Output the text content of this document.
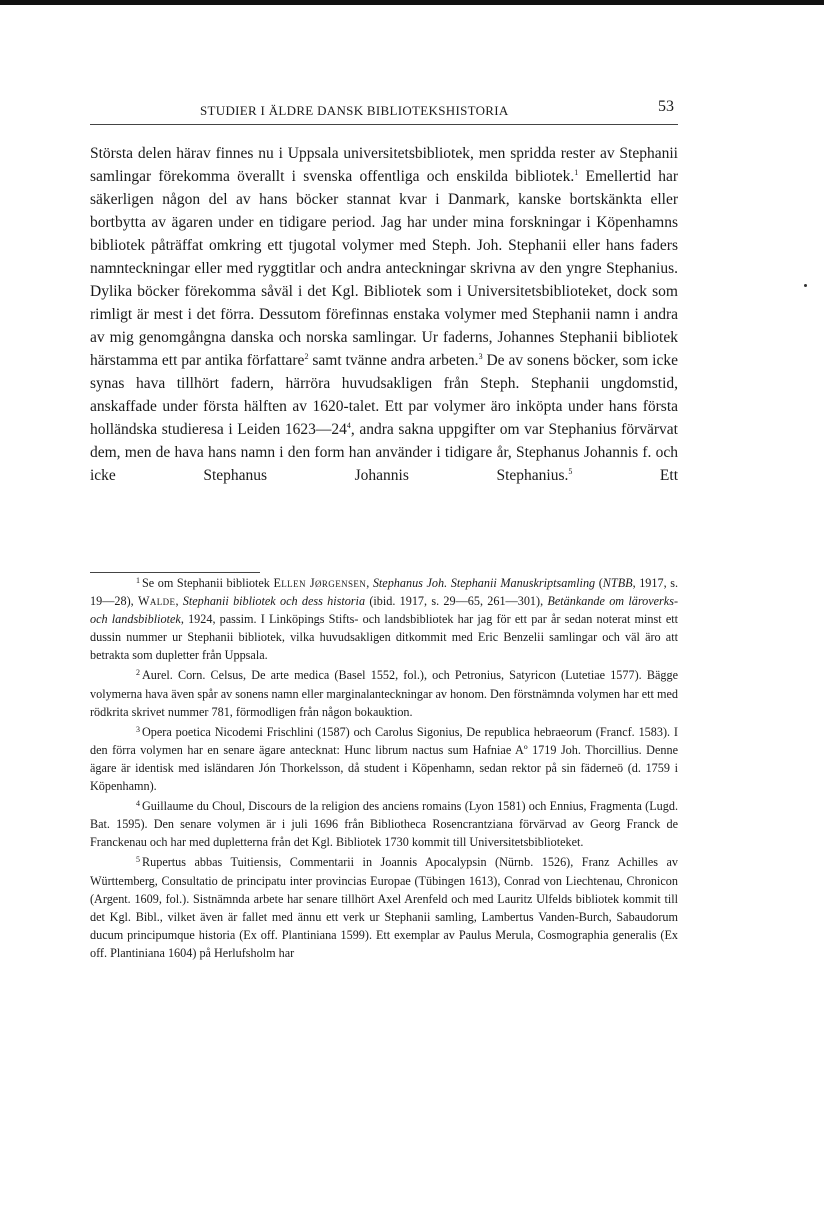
STUDIER I ÄLDRE DANSK BIBLIOTEKSHISTORIA	53

Största delen härav finnes nu i Uppsala universitetsbibliotek, men spridda rester av Stephanii samlingar förekomma överallt i svenska offentliga och enskilda bibliotek.$^1$ Emellertid har säkerligen någon del av hans böcker stannat kvar i Danmark, kanske bortskänkta eller bortbytta av ägaren under en tidigare period. Jag har under mina forskningar i Köpenhamns bibliotek påträffat omkring ett tjugotal volymer med Steph. Joh. Stephanii eller hans faders namnteckningar eller med ryggtitlar och andra anteckningar skrivna av den yngre Stephanius. Dylika böcker förekomma såväl i det Kgl. Bibliotek som i Universitetsbiblioteket, dock som rimligt är mest i det förra. Dessutom förefinnas enstaka volymer med Stephanii namn i andra av mig genomgångna danska och norska samlingar. Ur faderns, Johannes Stephanii bibliotek härstamma ett par antika författare$^2$ samt tvänne andra arbeten.$^3$ De av sonens böcker, som icke synas hava tillhört fadern, härröra huvudsakligen från Steph. Stephanii ungdomstid, anskaffade under första hälften av 1620-talet. Ett par volymer äro inköpta under hans första holländska studieresa i Leiden $1623—24^4$, andra sakna uppgifter om var Stephanius förvärvat dem, men de hava hans namn i den form han använder i tidigare år, Stephanus Johannis f. och icke Stephanus Johannis Stephanius.$^5$ Ett

$^1$ Se om Stephanii bibliotek Ellen Jørgensen, Stephanus Joh. Stephanii Manuskriptsamling (NTBB, 1917, s. 19—28), Walde, Stephanii bibliotek och dess historia (ibid. 1917, s. 29—65, 261—301), Betänkande om läroverks- och landsbibliotek, 1924, passim. I Linköpings Stifts- och landsbibliotek har jag för ett par år sedan noterat minst ett dussin nummer ur Stephanii bibliotek, vilka huvudsakligen ditkommit med Eric Benzelii samlingar och väl äro att betrakta som dupletter från Uppsala.

$^2$ Aurel. Corn. Celsus, De arte medica (Basel 1552, fol.), och Petronius, Satyricon (Lutetiae 1577). Bägge volymerna hava även spår av sonens namn eller marginalanteckningar av honom. Den förstnämnda volymen har ett med rödkrita skrivet nummer 781, förmodligen från någon bokauktion.

$^3$ Opera poetica Nicodemi Frischlini (1587) och Carolus Sigonius, De republica hebraeorum (Francf. 1583). I den förra volymen har en senare ägare antecknat: Hunc librum nactus sum Hafniae Aº 1719 Joh. Thorcillius. Denne ägare är identisk med isländaren Jón Thorkelsson, då student i Köpenhamn, sedan rektor på sin fäderneö (d. 1759 i Köpenhamn).

$^4$ Guillaume du Choul, Discours de la religion des anciens romains (Lyon 1581) och Ennius, Fragmenta (Lugd. Bat. 1595). Den senare volymen är i juli 1696 från Bibliotheca Rosencrantziana förvärvad av Georg Franck de Franckenau och har med dupletterna från det Kgl. Bibliotek 1730 kommit till Universitetsbiblioteket.

$^5$ Rupertus abbas Tuitiensis, Commentarii in Joannis Apocalypsin (Nürnb. 1526), Franz Achilles av Württemberg, Consultatio de principatu inter provincias Europae (Tübingen 1613), Conrad von Liechtenau, Chronicon (Argent. 1609, fol.). Sistnämnda arbete har senare tillhört Axel Arenfeld och med Lauritz Ulfelds bibliotek kommit till det Kgl. Bibl., vilket även är fallet med ännu ett verk ur Stephanii samling, Lambertus Vanden-Burch, Sabaudorum ducum principumque historia (Ex off. Plantiniana 1599). Ett exemplar av Paulus Merula, Cosmographia generalis (Ex off. Plantiniana 1604) på Herlufsholm har
